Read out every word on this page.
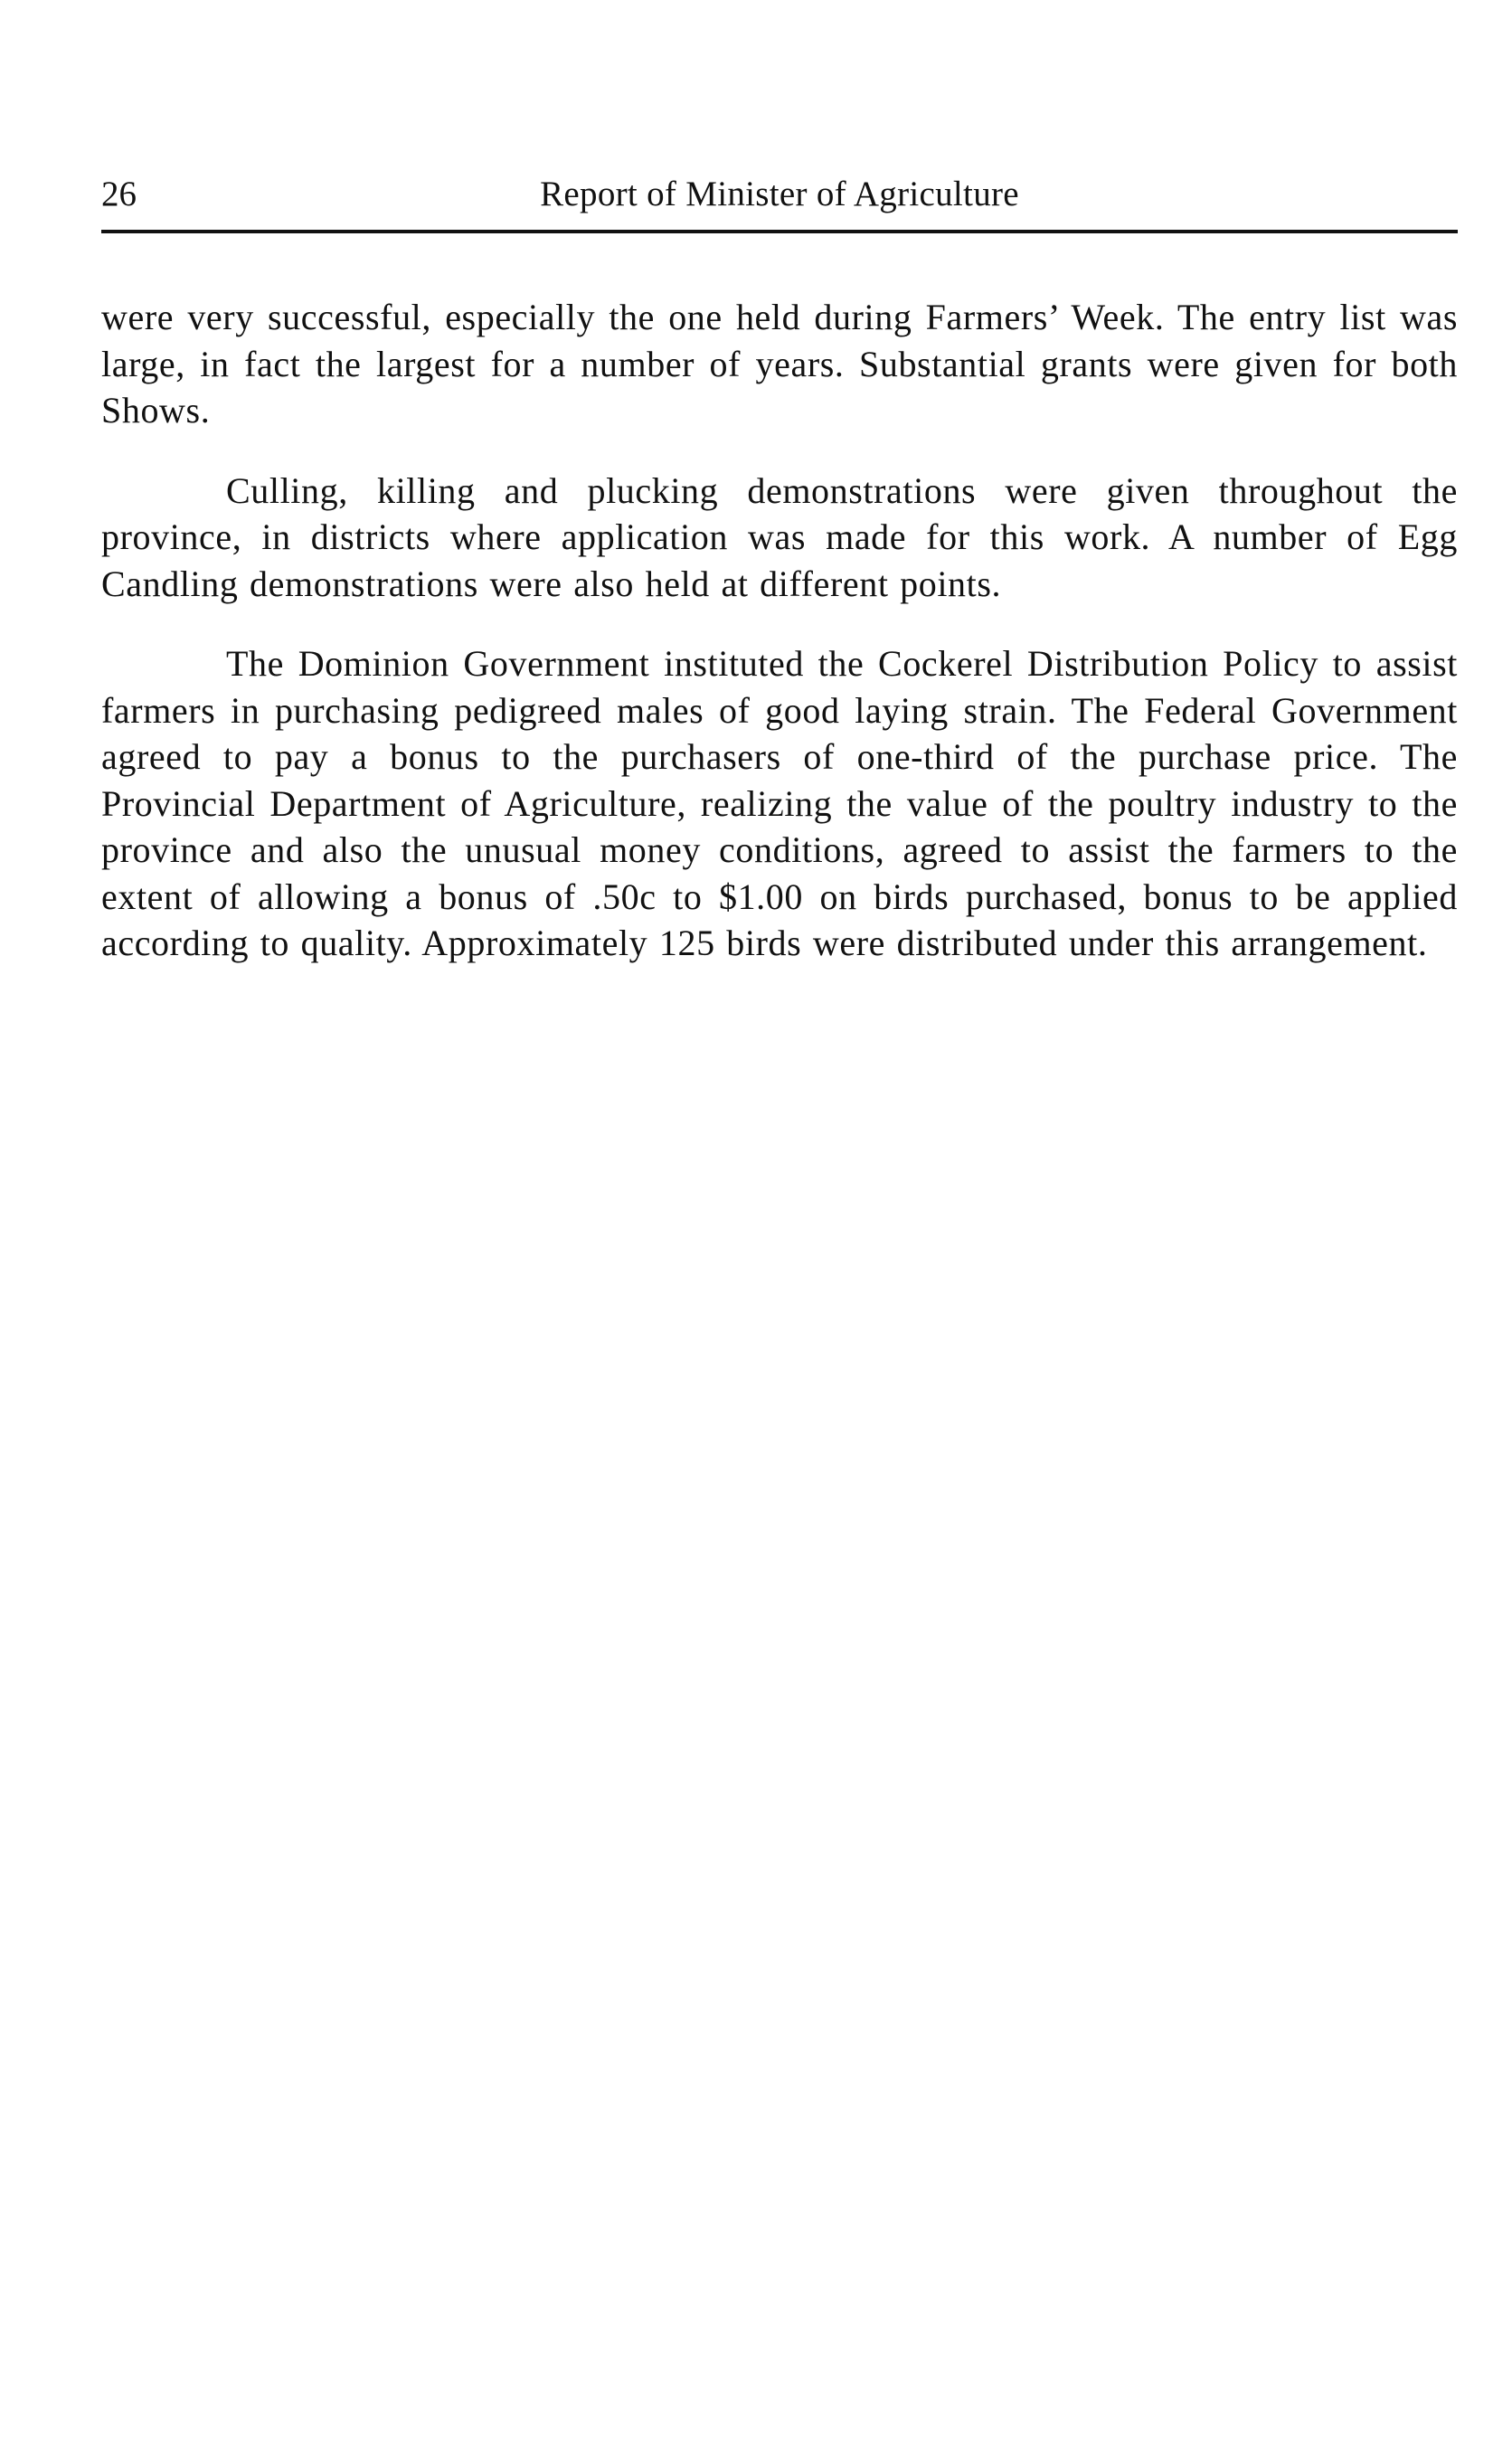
26	Report of Minister of Agriculture

were very successful, especially the one held during Farmers’ Week. The entry list was large, in fact the largest for a number of years. Substantial grants were given for both Shows.

Culling, killing and plucking demonstrations were given throughout the province, in districts where application was made for this work. A number of Egg Candling demonstrations were also held at different points.

The Dominion Government instituted the Cockerel Distribution Policy to assist farmers in purchasing pedigreed males of good laying strain. The Federal Government agreed to pay a bonus to the purchasers of one-third of the purchase price. The Provincial Department of Agriculture, realizing the value of the poultry industry to the province and also the unusual money conditions, agreed to assist the farmers to the extent of allowing a bonus of .50c to $1.00 on birds purchased, bonus to be applied according to quality. Approximately 125 birds were distributed under this arrangement.
